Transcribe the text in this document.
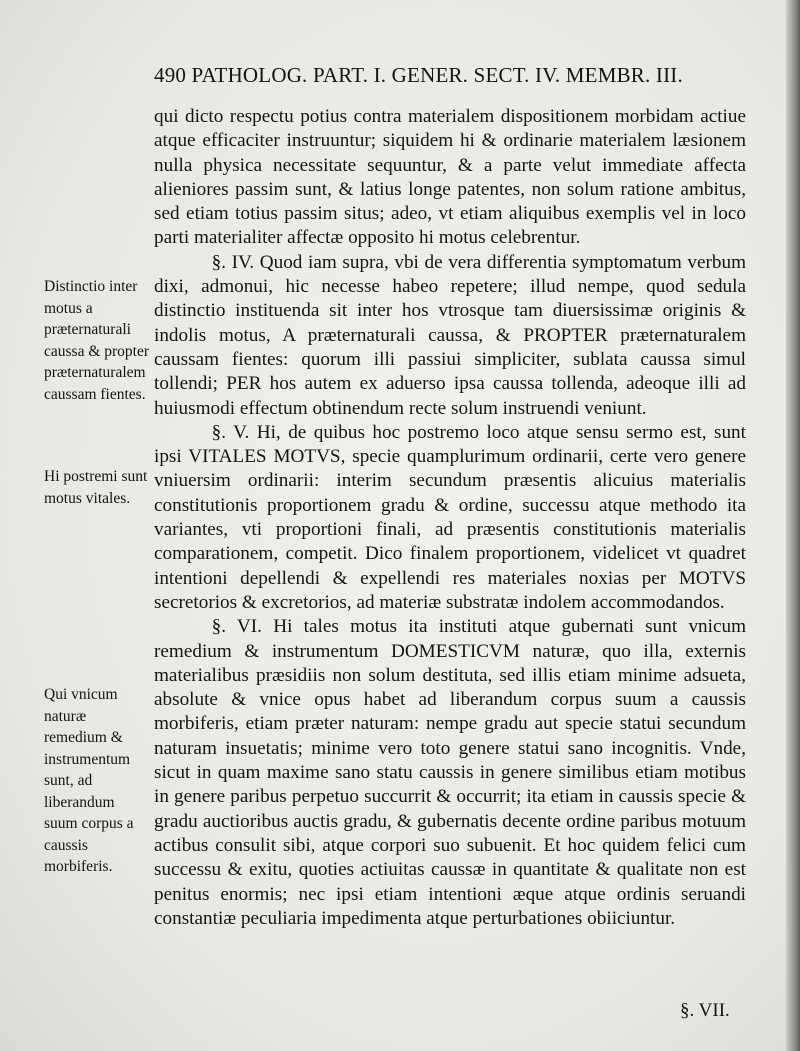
490 PATHOLOG. PART. I. GENER. SECT. IV. MEMBR. III.

qui dicto respectu potius contra materialem dispositionem morbidam actiue atque efficaciter instruuntur; siquidem hi & ordinarie materialem læsionem nulla physica necessitate sequuntur, & a parte velut immediate affecta alieniores passim sunt, & latius longe patentes, non solum ratione ambitus, sed etiam totius passim situs; adeo, vt etiam aliquibus exemplis vel in loco parti materialiter affectæ opposito hi motus celebrentur.

§. IV. Quod iam supra, vbi de vera differentia symptomatum verbum dixi, admonui, hic necesse habeo repetere; illud nempe, quod sedula distinctio instituenda sit inter hos vtrosque tam diuersissimæ originis & indolis motus, A præternaturali caussa, & PROPTER præternaturalem caussam fientes: quorum illi passiui simpliciter, sublata caussa simul tollendi; PER hos autem ex aduerso ipsa caussa tollenda, adeoque illi ad huiusmodi effectum obtinendum recte solum instruendi veniunt.

§. V. Hi, de quibus hoc postremo loco atque sensu sermo est, sunt ipsi VITALES MOTVS, specie quamplurimum ordinarii, certe vero genere vniuersim ordinarii: interim secundum præsentis alicuius materialis constitutionis proportionem gradu & ordine, successu atque methodo ita variantes, vti proportioni finali, ad præsentis constitutionis materialis comparationem, competit. Dico finalem proportionem, videlicet vt quadret intentioni depellendi & expellendi res materiales noxias per MOTVS secretorios & excretorios, ad materiæ substratæ indolem accommodandos.

§. VI. Hi tales motus ita instituti atque gubernati sunt vnicum remedium & instrumentum DOMESTICVM naturæ, quo illa, externis materialibus præsidiis non solum destituta, sed illis etiam minime adsueta, absolute & vnice opus habet ad liberandum corpus suum a caussis morbiferis, etiam præter naturam: nempe gradu aut specie statui secundum naturam insuetatis; minime vero toto genere statui sano incognitis. Vnde, sicut in quam maxime sano statu caussis in genere similibus etiam motibus in genere paribus perpetuo succurrit & occurrit; ita etiam in caussis specie & gradu auctioribus auctis gradu, & gubernatis decente ordine paribus motuum actibus consulit sibi, atque corpori suo subuenit. Et hoc quidem felici cum successu & exitu, quoties actiuitas caussæ in quantitate & qualitate non est penitus enormis; nec ipsi etiam intentioni æque atque ordinis seruandi constantiæ peculiaria impedimenta atque perturbationes obiiciuntur.

Distinctio inter motus a præternaturali caussa & propter præternaturalem caussam fientes.
Hi postremi sunt motus vitales.
Qui vnicum naturæ remedium & instrumentum sunt, ad liberandum suum corpus a caussis morbiferis.
§. VII.
